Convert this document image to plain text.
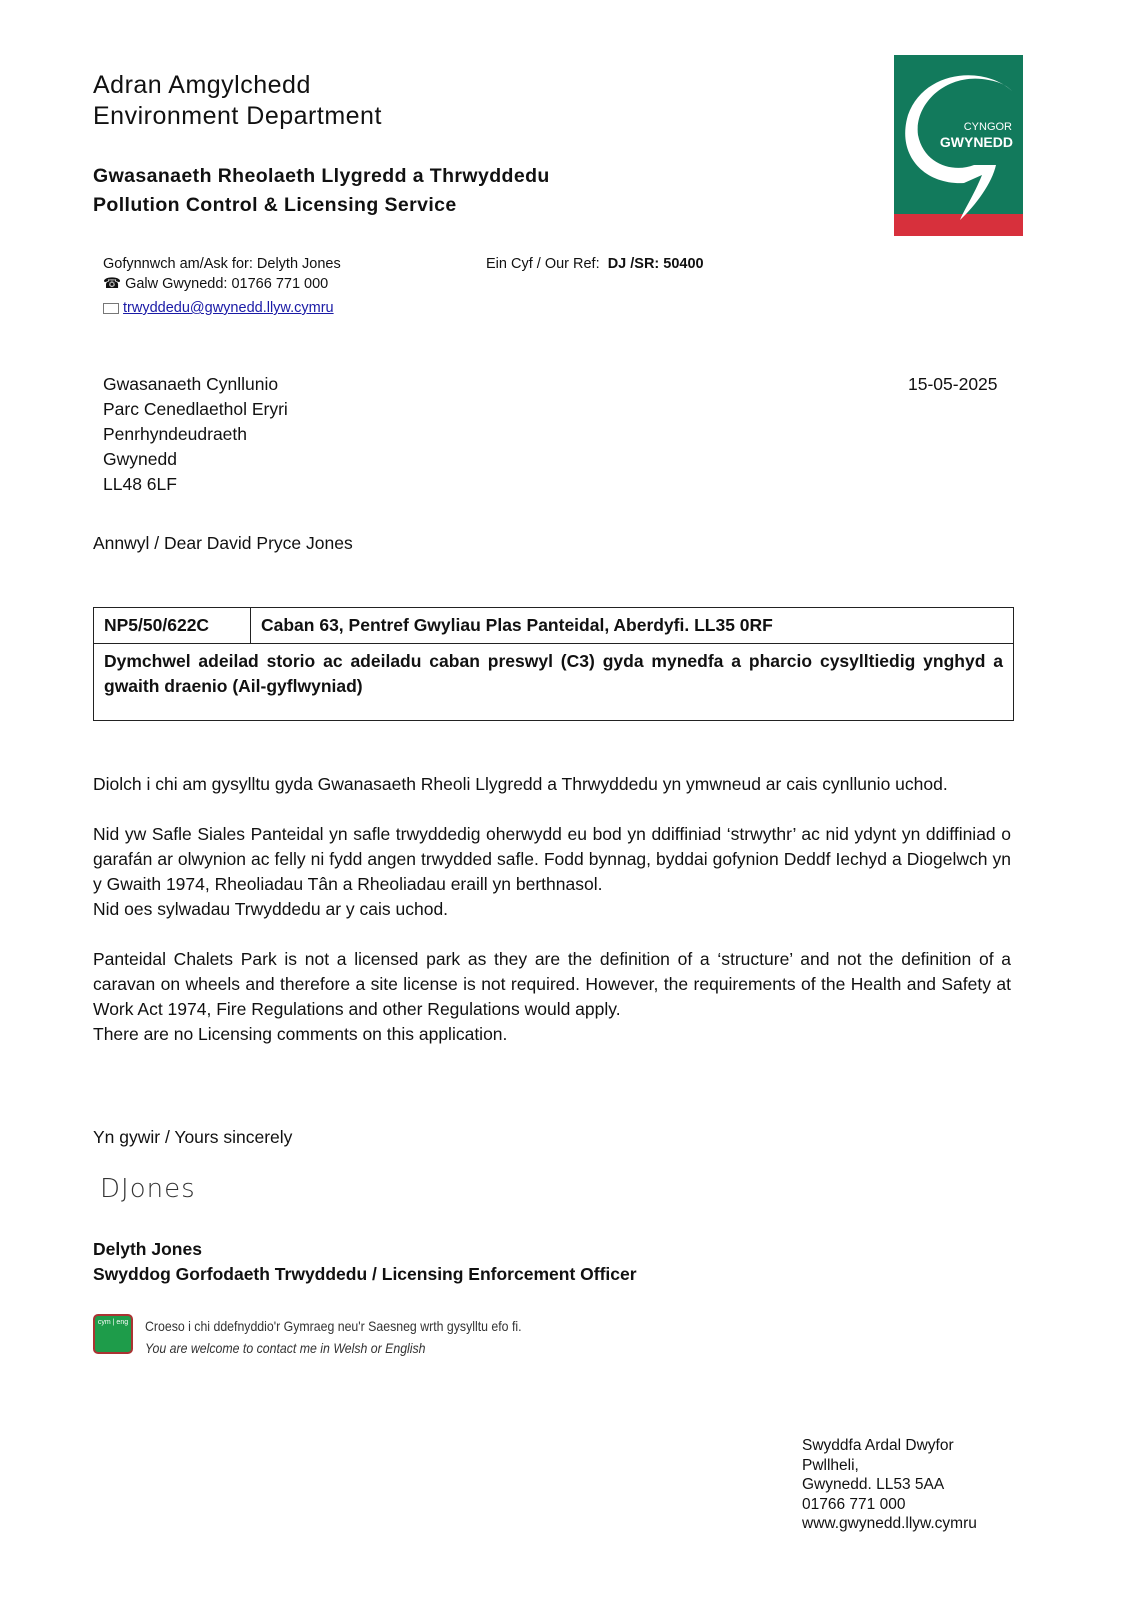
Adran Amgylchedd
Environment Department
Gwasanaeth Rheolaeth Llygredd a Thrwyddedu
Pollution Control & Licensing Service
CYNGOR
GWYNEDD
Gofynnwch am/Ask for: Delyth Jones
☎ Galw Gwynedd: 01766 771 000
trwyddedu@gwynedd.llyw.cymru
Ein Cyf / Our Ref: DJ /SR: 50400
Gwasanaeth Cynllunio
Parc Cenedlaethol Eryri
Penrhyndeudraeth
Gwynedd
LL48 6LF
15-05-2025
Annwyl / Dear David Pryce Jones
NP5/50/622C	Caban 63, Pentref Gwyliau Plas Panteidal, Aberdyfi. LL35 0RF
Dymchwel adeilad storio ac adeiladu caban preswyl (C3) gyda mynedfa a pharcio cysylltiedig ynghyd a gwaith draenio (Ail-gyflwyniad)
Diolch i chi am gysylltu gyda Gwanasaeth Rheoli Llygredd a Thrwyddedu yn ymwneud ar cais cynllunio uchod.
Nid yw Safle Siales Panteidal yn safle trwyddedig oherwydd eu bod yn ddiffiniad ‘strwythr’ ac nid ydynt yn ddiffiniad o garafán ar olwynion ac felly ni fydd angen trwydded safle. Fodd bynnag, byddai gofynion Deddf Iechyd a Diogelwch yn y Gwaith 1974, Rheoliadau Tân a Rheoliadau eraill yn berthnasol.
Nid oes sylwadau Trwyddedu ar y cais uchod.
Panteidal Chalets Park is not a licensed park as they are the definition of a ‘structure’ and not the definition of a caravan on wheels and therefore a site license is not required. However, the requirements of the Health and Safety at Work Act 1974, Fire Regulations and other Regulations would apply.
There are no Licensing comments on this application.
Yn gywir / Yours sincerely
DJones
Delyth Jones
Swyddog Gorfodaeth Trwyddedu / Licensing Enforcement Officer
cym | eng	Croeso i chi ddefnyddio'r Gymraeg neu'r Saesneg wrth gysylltu efo fi.
You are welcome to contact me in Welsh or English
Swyddfa Ardal Dwyfor
Pwllheli,
Gwynedd. LL53 5AA
01766 771 000
www.gwynedd.llyw.cymru
